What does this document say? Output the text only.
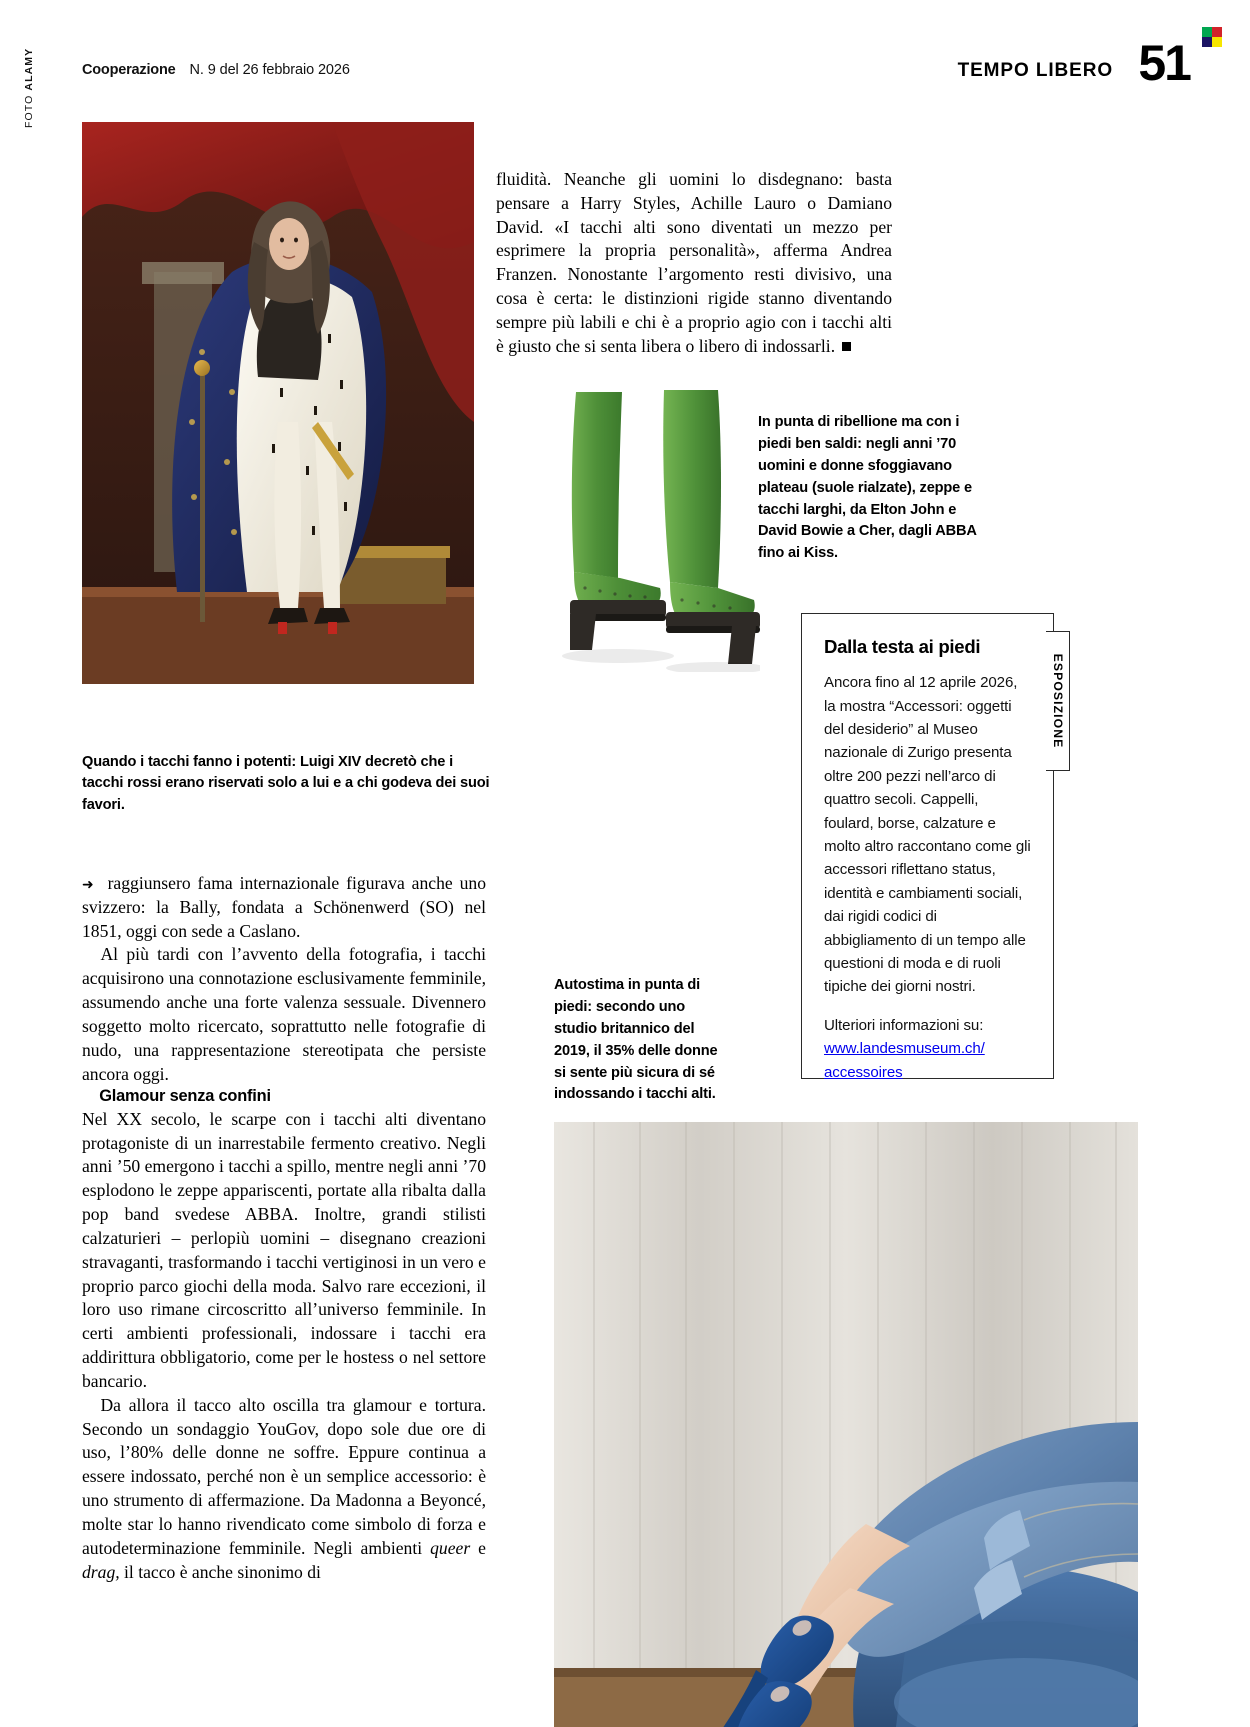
Cooperazione N. 9 del 26 febbraio 2026	TEMPO LIBERO 51
FOTO ALAMY
Quando i tacchi fanno i potenti: Luigi XIV decretò che i tacchi rossi erano riservati solo a lui e a chi godeva dei suoi favori.

fluidità. Neanche gli uomini lo disdegnano: basta pensare a Harry Styles, Achille Lauro o Damiano David. «I tacchi alti sono diventati un mezzo per esprimere la propria personalità», afferma Andrea Franzen. Nonostante l’argomento resti divisivo, una cosa è certa: le distinzioni rigide stanno diventando sempre più labili e chi è a proprio agio con i tacchi alti è giusto che si senta libera o libero di indossarli.

In punta di ribellione ma con i piedi ben saldi: negli anni ’70 uomini e donne sfoggiavano plateau (suole rialzate), zeppe e tacchi larghi, da Elton John e David Bowie a Cher, dagli ABBA fino ai Kiss.

➜ raggiunsero fama internazionale figurava anche uno svizzero: la Bally, fondata a Schönenwerd (SO) nel 1851, oggi con sede a Caslano.

Al più tardi con l’avvento della fotografia, i tacchi acquisirono una connotazione esclusivamente femminile, assumendo anche una forte valenza sessuale. Divennero soggetto molto ricercato, soprattutto nelle fotografie di nudo, una rappresentazione stereotipata che persiste ancora oggi.

Glamour senza confini

Nel XX secolo, le scarpe con i tacchi alti diventano protagoniste di un inarrestabile fermento creativo. Negli anni ’50 emergono i tacchi a spillo, mentre negli anni ’70 esplodono le zeppe appariscenti, portate alla ribalta dalla pop band svedese ABBA. Inoltre, grandi stilisti calzaturieri – perlopiù uomini – disegnano creazioni stravaganti, trasformando i tacchi vertiginosi in un vero e proprio parco giochi della moda. Salvo rare eccezioni, il loro uso rimane circoscritto all’universo femminile. In certi ambienti professionali, indossare i tacchi era addirittura obbligatorio, come per le hostess o nel settore bancario.

Da allora il tacco alto oscilla tra glamour e tortura. Secondo un sondaggio YouGov, dopo sole due ore di uso, l’80% delle donne ne soffre. Eppure continua a essere indossato, perché non è un semplice accessorio: è uno strumento di affermazione. Da Madonna a Beyoncé, molte star lo hanno rivendicato come simbolo di forza e autodeterminazione femminile. Negli ambienti queer e drag, il tacco è anche sinonimo di

Dalla testa ai piedi

Ancora fino al 12 aprile 2026, la mostra “Accessori: oggetti del desiderio” al Museo nazionale di Zurigo presenta oltre 200 pezzi nell’arco di quattro secoli. Cappelli, foulard, borse, calzature e molto altro raccontano come gli accessori riflettano status, identità e cambiamenti sociali, dai rigidi codici di abbigliamento di un tempo alle questioni di moda e di ruoli tipiche dei giorni nostri.

Ulteriori informazioni su:
www.landesmuseum.ch/
accessoires
ESPOSIZIONE
Autostima in punta di piedi: secondo uno studio britannico del 2019, il 35% delle donne si sente più sicura di sé indossando i tacchi alti.
